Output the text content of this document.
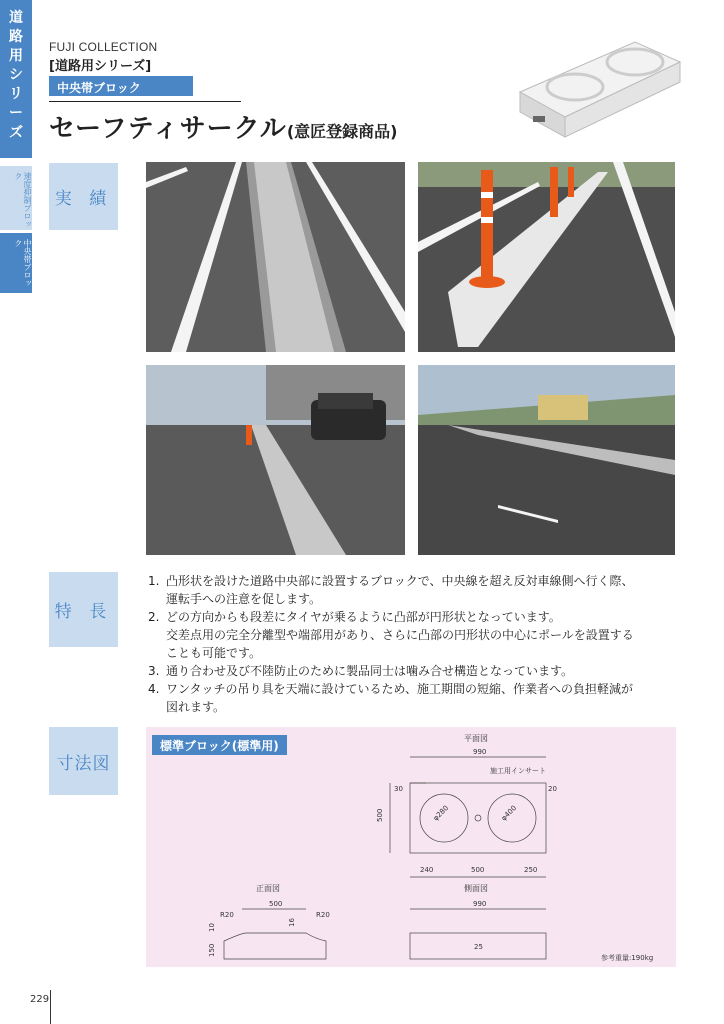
道
路
用
シ
リ
ー
ズ
速度抑制ブロック
中央帯ブロック
FUJI COLLECTION
[道路用シリーズ]
中央帯ブロック
セーフティサークル(意匠登録商品)
実 績
特 長
1. 凸形状を設けた道路中央部に設置するブロックで、中央線を超え反対車線側へ行く際、
運転手への注意を促します。
2. どの方向からも段差にタイヤが乗るように凸部が円形状となっています。
交差点用の完全分離型や端部用があり、さらに凸部の円形状の中心にポールを設置する
ことも可能です。
3. 通り合わせ及び不陸防止のために製品同士は噛み合せ構造となっています。
4. ワンタッチの吊り具を天端に設けているため、施工期間の短縮、作業者への負担軽減が
図れます。
寸法図
標準ブロック(標準用)
平面図
990
施工用インサート
30	20
500	φ280	φ400
240	500	250
正面図
500
R20	R20
10
150
16
側面図
990
25
参考重量:190kg
229
